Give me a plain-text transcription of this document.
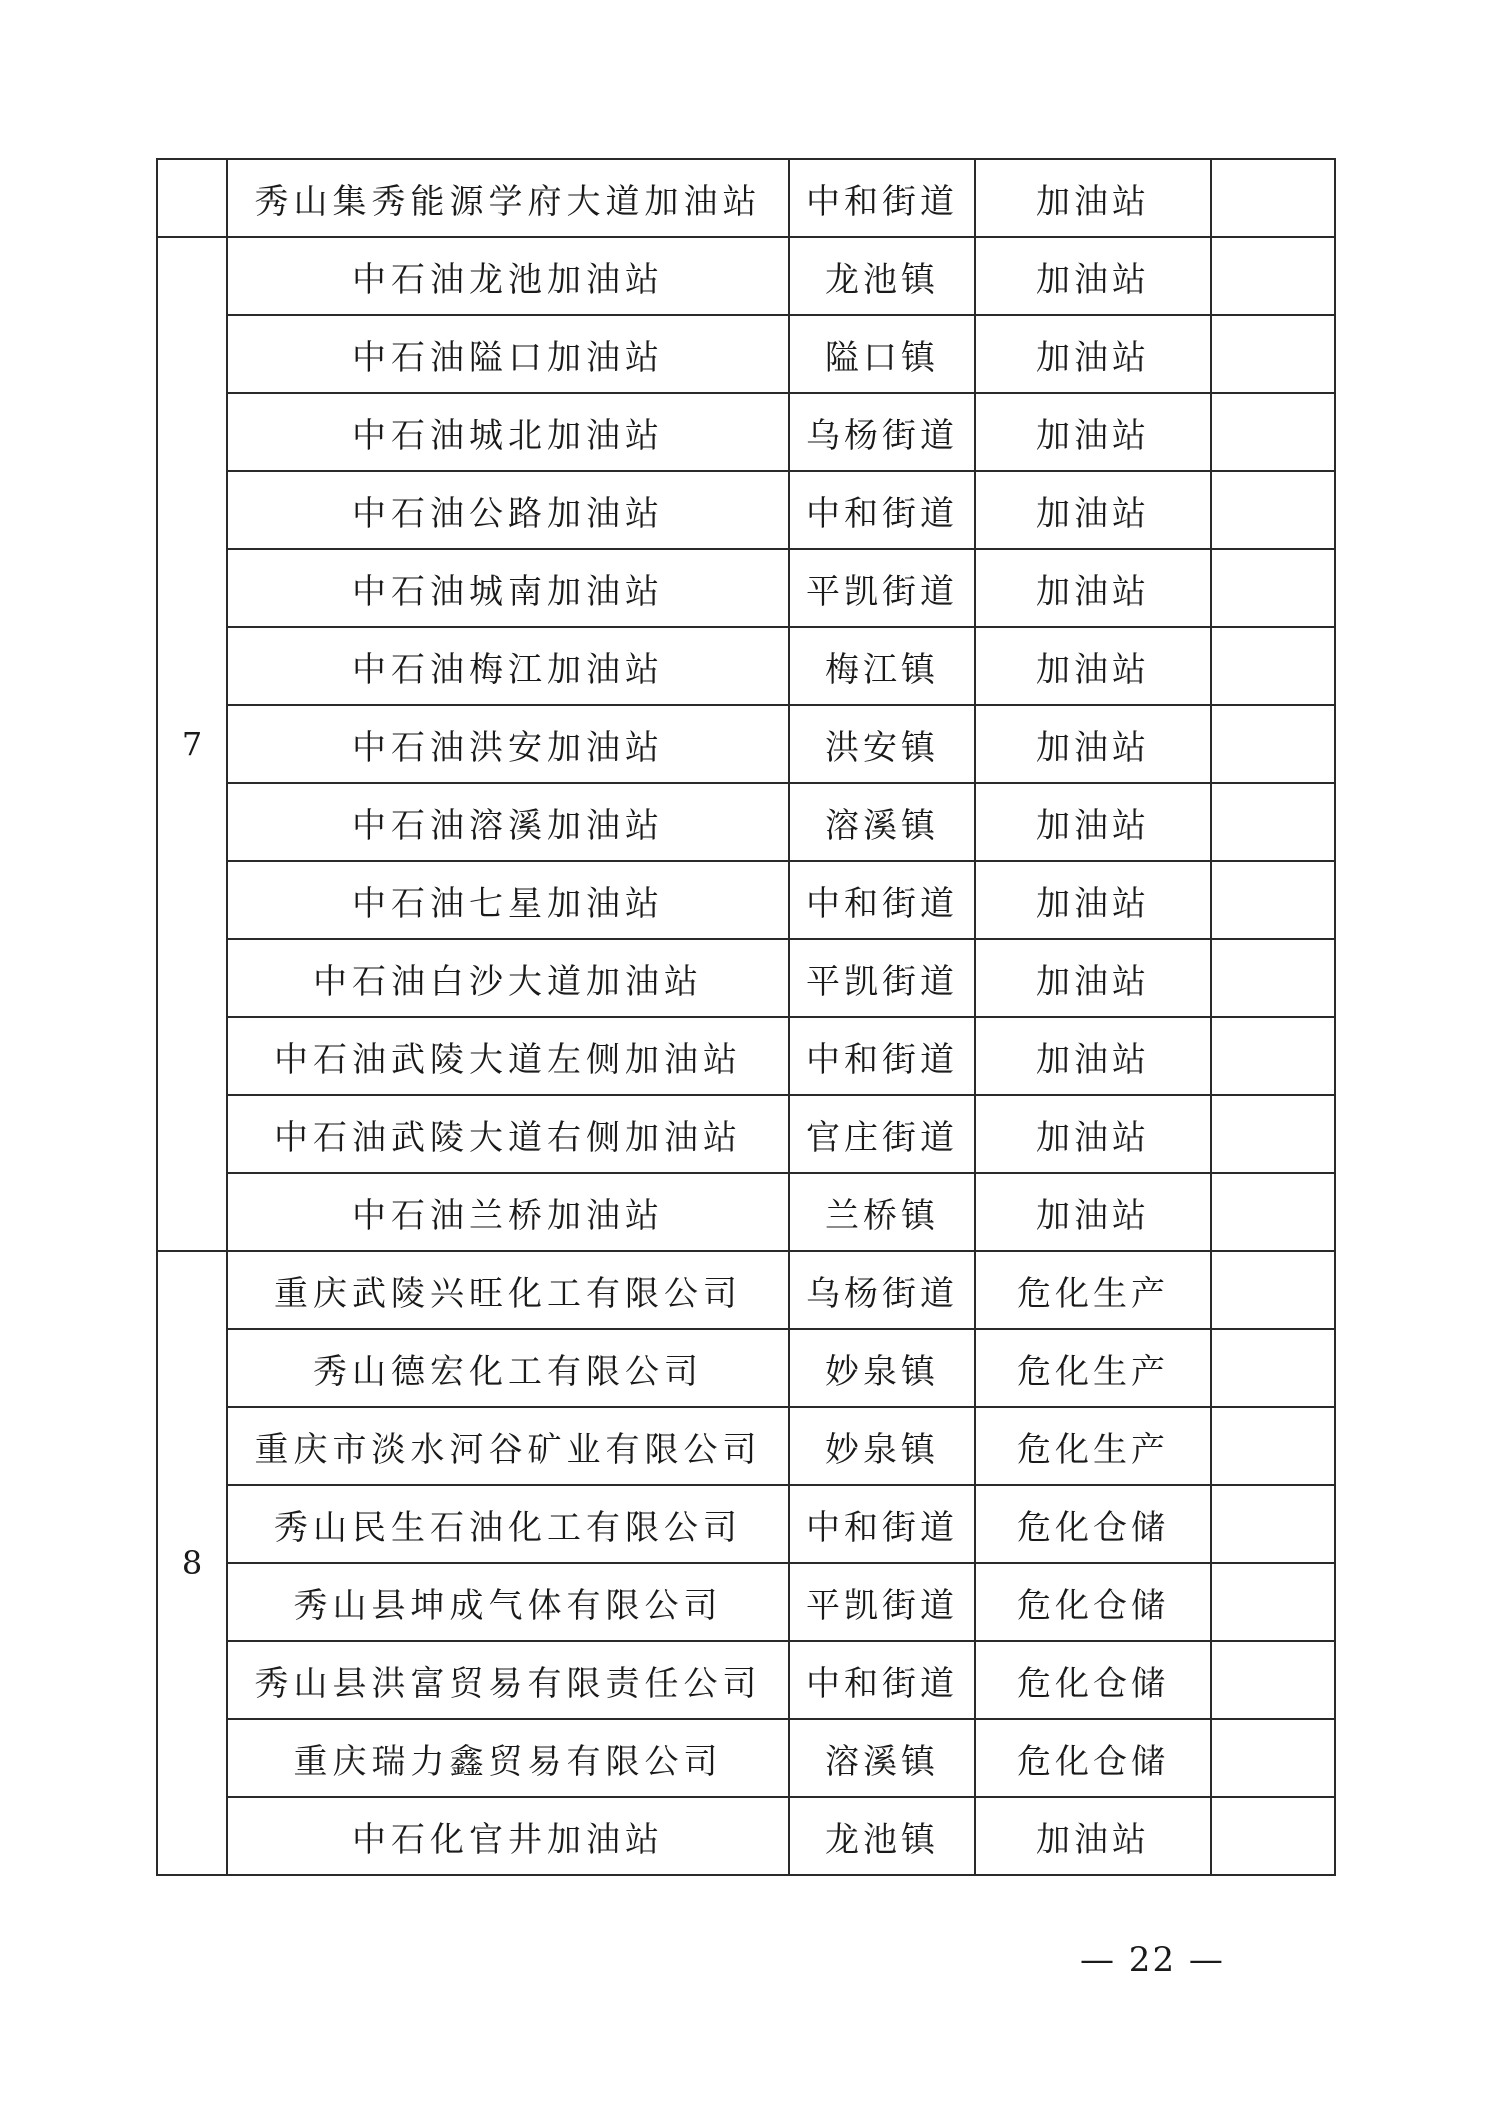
	秀山集秀能源学府大道加油站	中和街道	加油站	
7	中石油龙池加油站	龙池镇	加油站	
	中石油隘口加油站	隘口镇	加油站	
	中石油城北加油站	乌杨街道	加油站	
	中石油公路加油站	中和街道	加油站	
	中石油城南加油站	平凯街道	加油站	
	中石油梅江加油站	梅江镇	加油站	
	中石油洪安加油站	洪安镇	加油站	
	中石油溶溪加油站	溶溪镇	加油站	
	中石油七星加油站	中和街道	加油站	
	中石油白沙大道加油站	平凯街道	加油站	
	中石油武陵大道左侧加油站	中和街道	加油站	
	中石油武陵大道右侧加油站	官庄街道	加油站	
	中石油兰桥加油站	兰桥镇	加油站	
8	重庆武陵兴旺化工有限公司	乌杨街道	危化生产	
	秀山德宏化工有限公司	妙泉镇	危化生产	
	重庆市淡水河谷矿业有限公司	妙泉镇	危化生产	
	秀山民生石油化工有限公司	中和街道	危化仓储	
	秀山县坤成气体有限公司	平凯街道	危化仓储	
	秀山县洪富贸易有限责任公司	中和街道	危化仓储	
	重庆瑞力鑫贸易有限公司	溶溪镇	危化仓储	
	中石化官井加油站	龙池镇	加油站	
— 22 —
